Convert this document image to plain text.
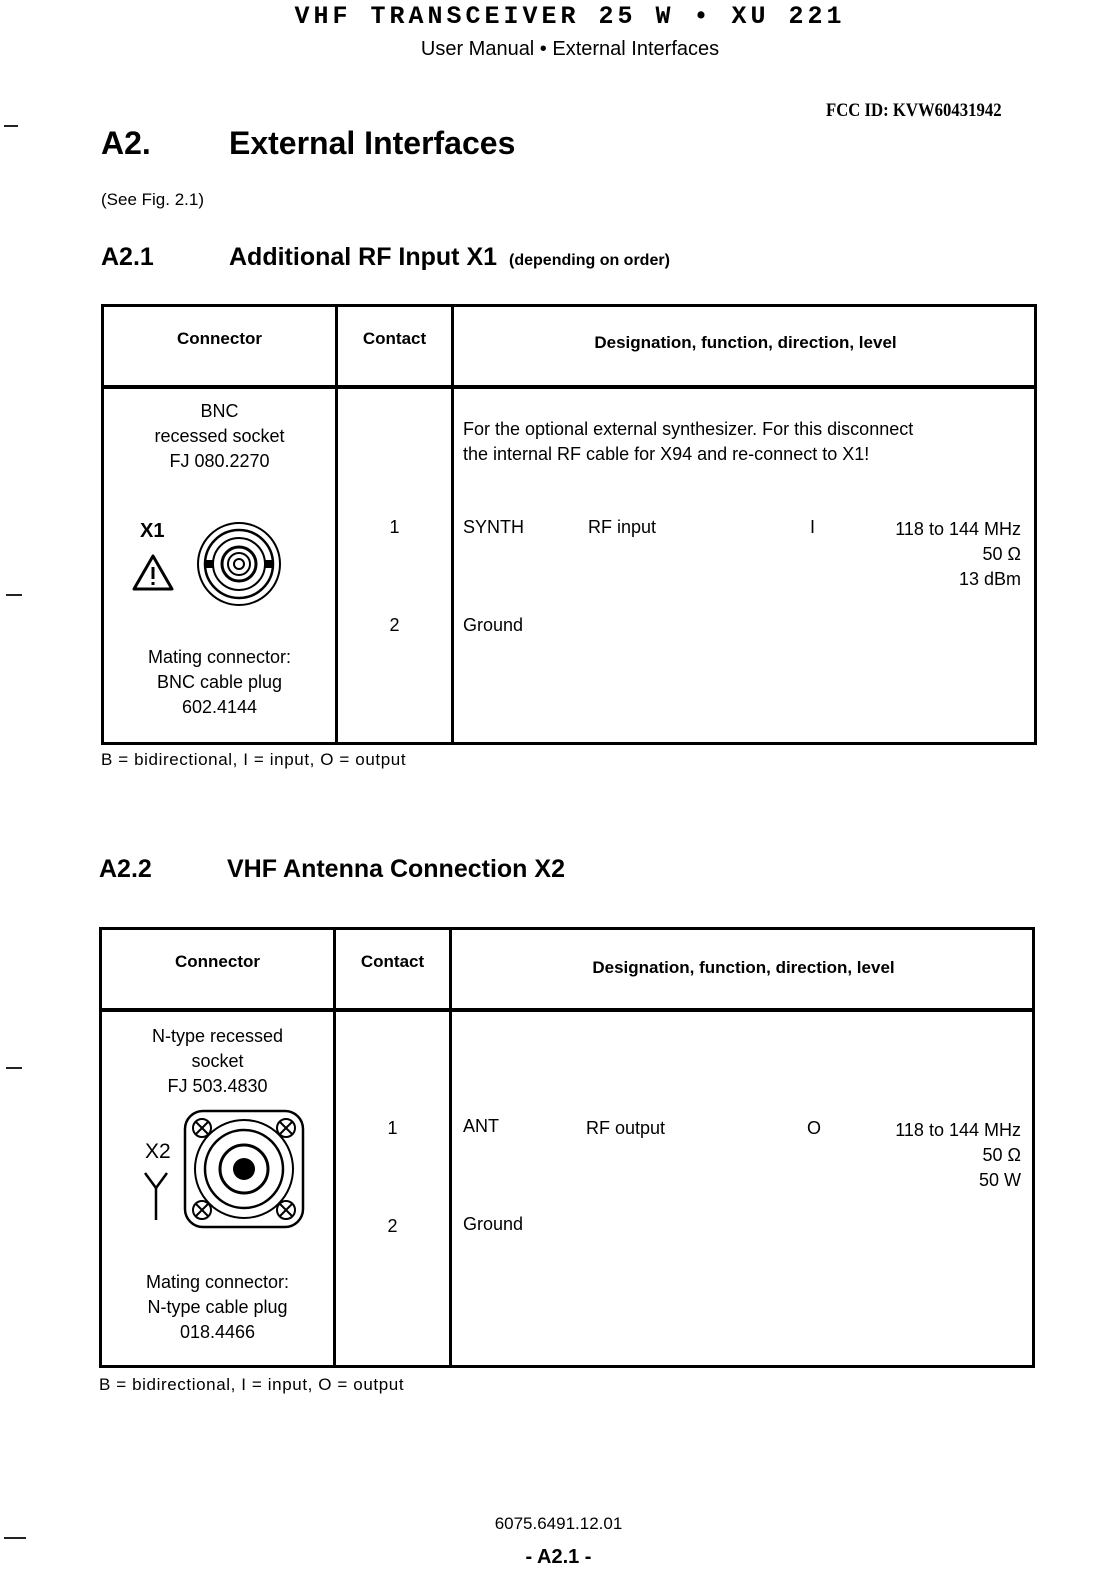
VHF TRANSCEIVER 25 W • XU 221
User Manual • External Interfaces
FCC ID: KVW60431942
A2. External Interfaces
(See Fig. 2.1)
A2.1	Additional RF Input X1 (depending on order)
Connector	Contact	Designation, function, direction, level
BNC
recessed socket
FJ 080.2270
X1
Mating connector:
BNC cable plug
602.4144
For the optional external synthesizer. For this disconnect
the internal RF cable for X94 and re-connect to X1!
1	SYNTH	RF input	I	118 to 144 MHz
50 Ω
13 dBm
2	Ground
B = bidirectional, I = input, O = output
A2.2	VHF Antenna Connection X2
Connector	Contact	Designation, function, direction, level
N-type recessed
socket
FJ 503.4830
X2
Mating connector:
N-type cable plug
018.4466
1	ANT	RF output	O	118 to 144 MHz
50 Ω
50 W
2	Ground
B = bidirectional, I = input, O = output
6075.6491.12.01
- A2.1 -
